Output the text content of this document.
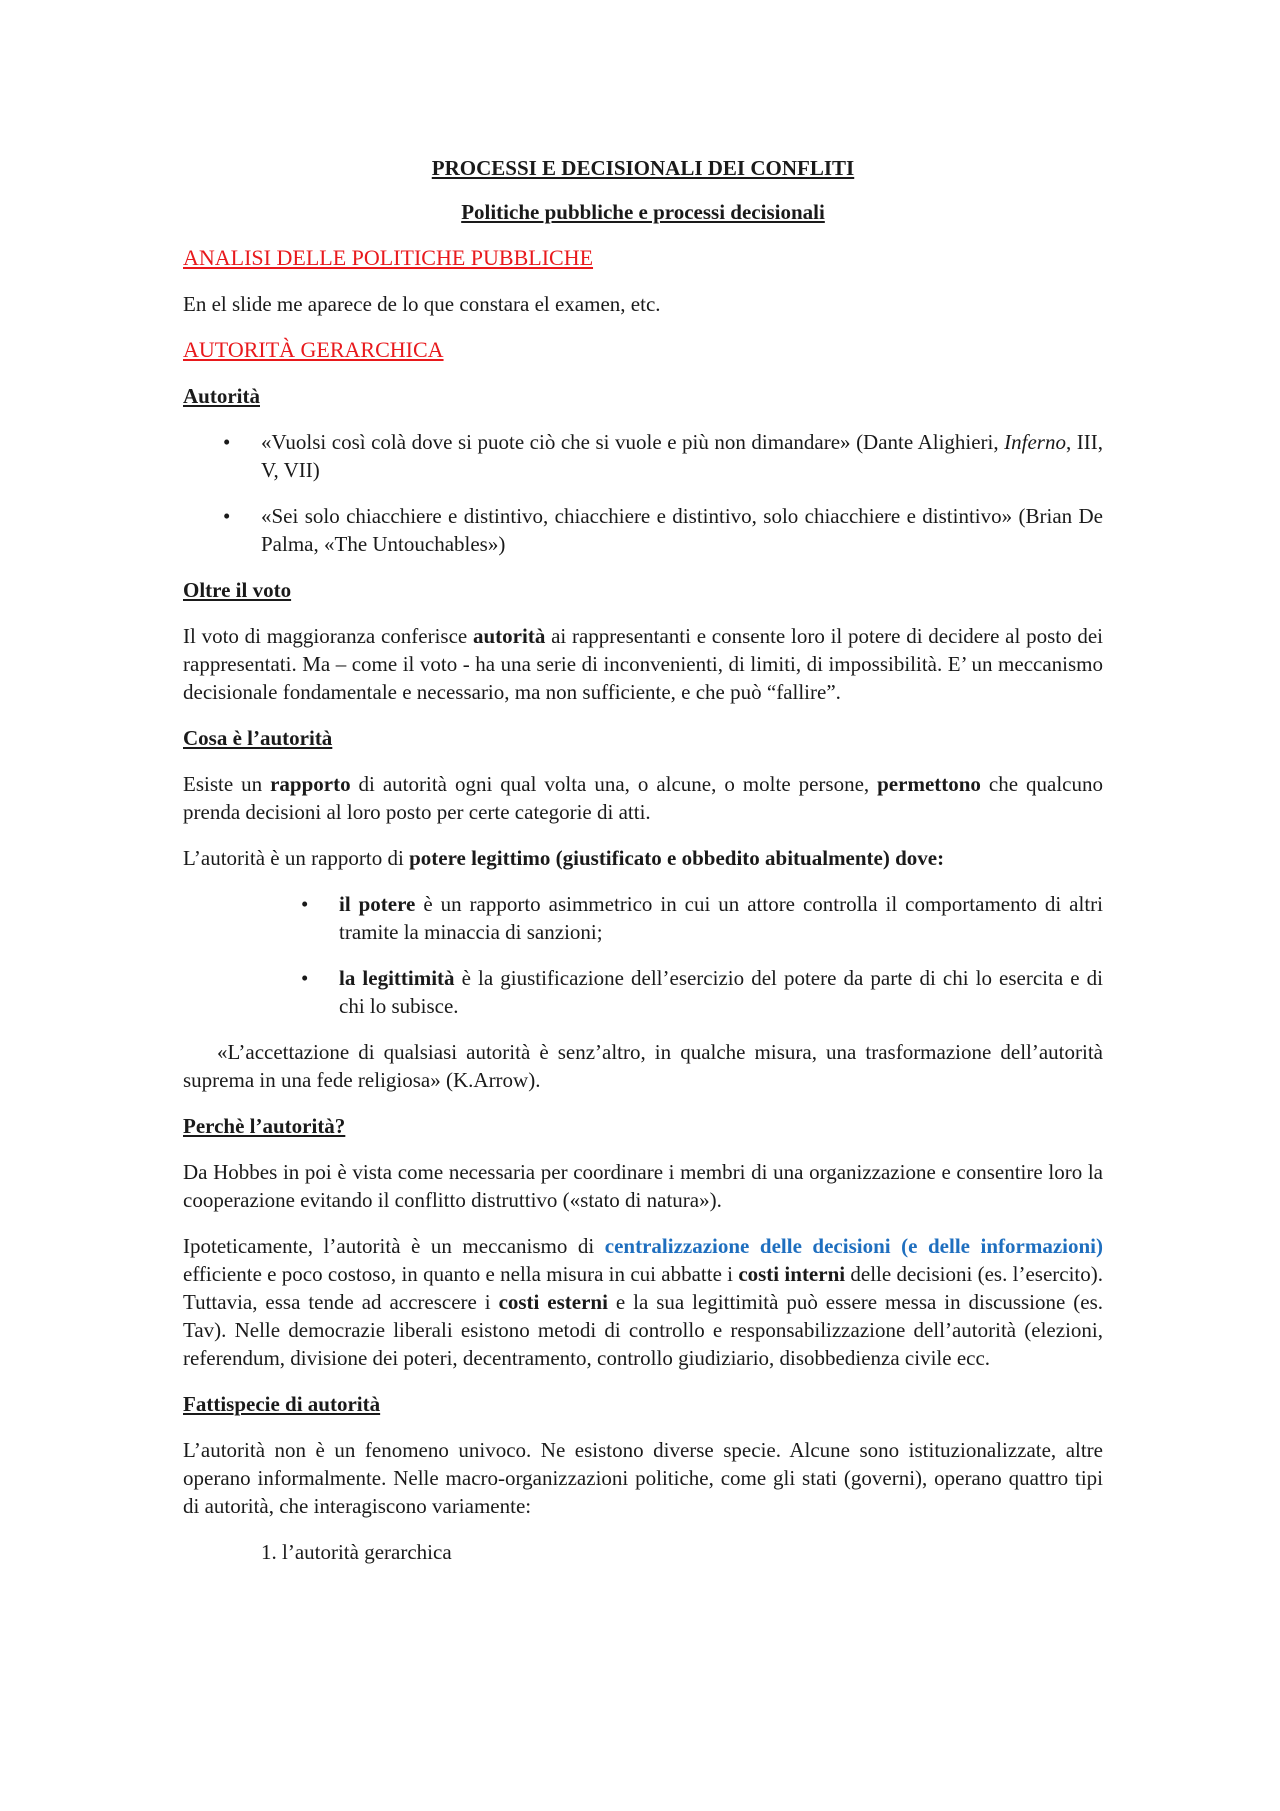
PROCESSI E DECISIONALI DEI CONFLITI
Politiche pubbliche e processi decisionali
ANALISI DELLE POLITICHE PUBBLICHE

En el slide me aparece de lo que constara el examen, etc.

AUTORITÀ GERARCHICA
Autorità
• «Vuolsi così colà dove si puote ciò che si vuole e più non dimandare» (Dante Alighieri, Inferno, III, V, VII)
• «Sei solo chiacchiere e distintivo, chiacchiere e distintivo, solo chiacchiere e distintivo» (Brian De Palma, «The Untouchables»)
Oltre il voto

Il voto di maggioranza conferisce autorità ai rappresentanti e consente loro il potere di decidere al posto dei rappresentati. Ma – come il voto - ha una serie di inconvenienti, di limiti, di impossibilità. E’ un meccanismo decisionale fondamentale e necessario, ma non sufficiente, e che può “fallire”.

Cosa è l’autorità

Esiste un rapporto di autorità ogni qual volta una, o alcune, o molte persone, permettono che qualcuno prenda decisioni al loro posto per certe categorie di atti.

L’autorità è un rapporto di potere legittimo (giustificato e obbedito abitualmente) dove:

• il potere è un rapporto asimmetrico in cui un attore controlla il comportamento di altri tramite la minaccia di sanzioni;
• la legittimità è la giustificazione dell’esercizio del potere da parte di chi lo esercita e di chi lo subisce.

«L’accettazione di qualsiasi autorità è senz’altro, in qualche misura, una trasformazione dell’autorità suprema in una fede religiosa» (K.Arrow).

Perchè l’autorità?

Da Hobbes in poi è vista come necessaria per coordinare i membri di una organizzazione e consentire loro la cooperazione evitando il conflitto distruttivo («stato di natura»).

Ipoteticamente, l’autorità è un meccanismo di centralizzazione delle decisioni (e delle informazioni) efficiente e poco costoso, in quanto e nella misura in cui abbatte i costi interni delle decisioni (es. l’esercito). Tuttavia, essa tende ad accrescere i costi esterni e la sua legittimità può essere messa in discussione (es. Tav). Nelle democrazie liberali esistono metodi di controllo e responsabilizzazione dell’autorità (elezioni, referendum, divisione dei poteri, decentramento, controllo giudiziario, disobbedienza civile ecc.

Fattispecie di autorità

L’autorità non è un fenomeno univoco. Ne esistono diverse specie. Alcune sono istituzionalizzate, altre operano informalmente. Nelle macro-organizzazioni politiche, come gli stati (governi), operano quattro tipi di autorità, che interagiscono variamente:

1. l’autorità gerarchica
